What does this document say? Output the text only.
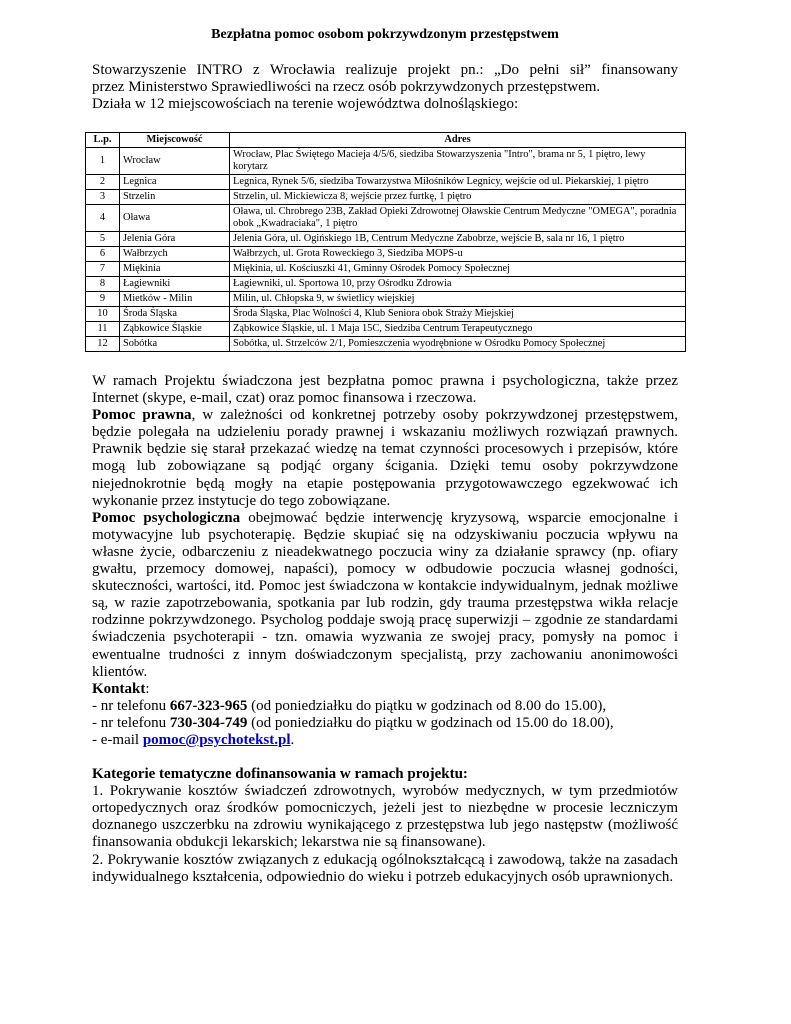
Bezpłatna pomoc osobom pokrzywdzonym przestępstwem

Stowarzyszenie INTRO z Wrocławia realizuje projekt pn.: „Do pełni sił” finansowany

przez Ministerstwo Sprawiedliwości na rzecz osób pokrzywdzonych przestępstwem.

Działa w 12 miejscowościach na terenie województwa dolnośląskiego:

L.p.	Miejscowość	Adres
1	Wrocław	Wrocław, Plac Świętego Macieja 4/5/6, siedziba Stowarzyszenia "Intro", brama nr 5, 1 piętro, lewy korytarz
2	Legnica	Legnica, Rynek 5/6, siedziba Towarzystwa Miłośników Legnicy, wejście od ul. Piekarskiej, 1 piętro
3	Strzelin	Strzelin, ul. Mickiewicza 8, wejście przez furtkę, 1 piętro
4	Oława	Oława, ul. Chrobrego 23B, Zakład Opieki Zdrowotnej Oławskie Centrum Medyczne "OMEGA", poradnia obok „Kwadraciaka", 1 piętro
5	Jelenia Góra	Jelenia Góra, ul. Ogińskiego 1B, Centrum Medyczne Zabobrze, wejście B, sala nr 16, 1 piętro
6	Wałbrzych	Wałbrzych, ul. Grota Roweckiego 3, Siedziba MOPS-u
7	Miękinia	Miękinia, ul. Kościuszki 41, Gminny Ośrodek Pomocy Społecznej
8	Łagiewniki	Łagiewniki, ul. Sportowa 10, przy Ośrodku Zdrowia
9	Mietków - Milin	Milin, ul. Chłopska 9, w świetlicy wiejskiej
10	Środa Śląska	Środa Śląska, Plac Wolności 4, Klub Seniora obok Straży Miejskiej
11	Ząbkowice Śląskie	Ząbkowice Śląskie, ul. 1 Maja 15C, Siedziba Centrum Terapeutycznego
12	Sobótka	Sobótka, ul. Strzelców 2/1, Pomieszczenia wyodrębnione w Ośrodku Pomocy Społecznej

W ramach Projektu świadczona jest bezpłatna pomoc prawna i psychologiczna, także przez Internet (skype, e-mail, czat) oraz pomoc finansowa i rzeczowa.

Pomoc prawna, w zależności od konkretnej potrzeby osoby pokrzywdzonej przestępstwem, będzie polegała na udzieleniu porady prawnej i wskazaniu możliwych rozwiązań prawnych. Prawnik będzie się starał przekazać wiedzę na temat czynności procesowych i przepisów, które mogą lub zobowiązane są podjąć organy ścigania. Dzięki temu osoby pokrzywdzone niejednokrotnie będą mogły na etapie postępowania przygotowawczego egzekwować ich wykonanie przez instytucje do tego zobowiązane.

Pomoc psychologiczna obejmować będzie interwencję kryzysową, wsparcie emocjonalne i motywacyjne lub psychoterapię. Będzie skupiać się na odzyskiwaniu poczucia wpływu na własne życie, odbarczeniu z nieadekwatnego poczucia winy za działanie sprawcy (np. ofiary gwałtu, przemocy domowej, napaści), pomocy w odbudowie poczucia własnej godności, skuteczności, wartości, itd. Pomoc jest świadczona w kontakcie indywidualnym, jednak możliwe są, w razie zapotrzebowania, spotkania par lub rodzin, gdy trauma przestępstwa wikła relacje rodzinne pokrzywdzonego. Psycholog poddaje swoją pracę superwizji – zgodnie ze standardami świadczenia psychoterapii - tzn. omawia wyzwania ze swojej pracy, pomysły na pomoc i ewentualne trudności z innym doświadczonym specjalistą, przy zachowaniu anonimowości klientów.

Kontakt:

- nr telefonu 667-323-965 (od poniedziałku do piątku w godzinach od 8.00 do 15.00),

- nr telefonu 730-304-749 (od poniedziałku do piątku w godzinach od 15.00 do 18.00),

- e-mail pomoc@psychotekst.pl.

Kategorie tematyczne dofinansowania w ramach projektu:

1. Pokrywanie kosztów świadczeń zdrowotnych, wyrobów medycznych, w tym przedmiotów ortopedycznych oraz środków pomocniczych, jeżeli jest to niezbędne w procesie leczniczym doznanego uszczerbku na zdrowiu wynikającego z przestępstwa lub jego następstw (możliwość finansowania obdukcji lekarskich; lekarstwa nie są finansowane).

2. Pokrywanie kosztów związanych z edukacją ogólnokształcącą i zawodową, także na zasadach indywidualnego kształcenia, odpowiednio do wieku i potrzeb edukacyjnych osób uprawnionych.
